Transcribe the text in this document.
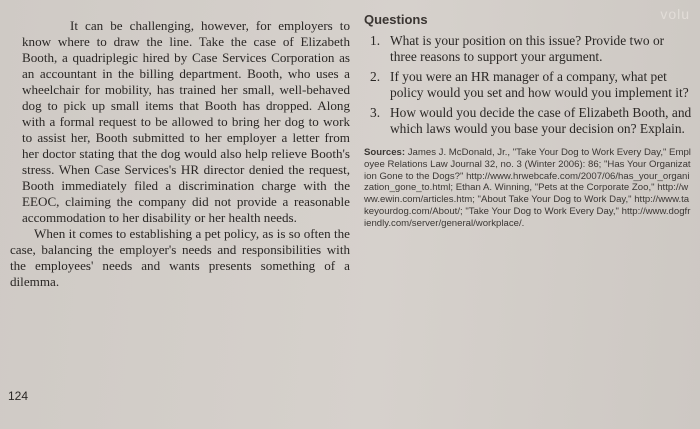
volu

It can be challenging, however, for employers to know where to draw the line. Take the case of Elizabeth Booth, a quadriplegic hired by Case Services Corporation as an accountant in the billing department. Booth, who uses a wheelchair for mobility, has trained her small, well-behaved dog to pick up small items that Booth has dropped. Along with a formal request to be allowed to bring her dog to work to assist her, Booth submitted to her employer a letter from her doctor stating that the dog would also help relieve Booth's stress. When Case Services's HR director denied the request, Booth immediately filed a discrimination charge with the EEOC, claiming the company did not provide a reasonable accommodation to her disability or her health needs.

When it comes to establishing a pet policy, as is so often the case, balancing the employer's needs and responsibilities with the employees' needs and wants presents something of a dilemma.

Questions
1. What is your position on this issue? Provide two or three reasons to support your argument.
2. If you were an HR manager of a company, what pet policy would you set and how would you implement it?
3. How would you decide the case of Elizabeth Booth, and which laws would you base your decision on? Explain.
Sources: James J. McDonald, Jr., "Take Your Dog to Work Every Day," Employee Relations Law Journal 32, no. 3 (Winter 2006): 86; "Has Your Organization Gone to the Dogs?" http://www.hrwebcafe.com/2007/06/has_your_organization_gone_to.html; Ethan A. Winning, "Pets at the Corporate Zoo," http://www.ewin.com/articles.htm; "About Take Your Dog to Work Day," http://www.takeyourdog.com/About/; "Take Your Dog to Work Every Day," http://www.dogfriendly.com/server/general/workplace/.
124
